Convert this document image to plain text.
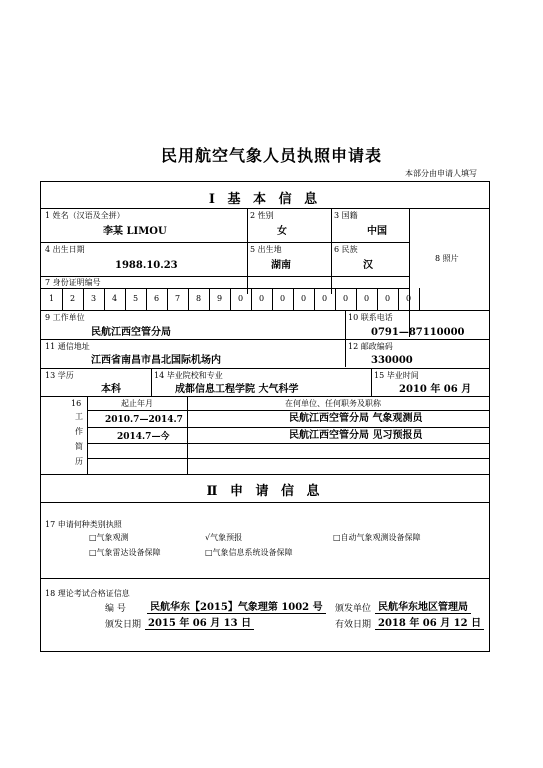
民用航空气象人员执照申请表
本部分由申请人填写
Ⅰ 基 本 信 息
1 姓名（汉语及全拼）
李某 LIMOU
2 性别
女
3 国籍
中国
4 出生日期
1988.10.23
5 出生地
湖南
6 民族
汉
8 照片
7 身份证明编号
1	2	3	4	5	6	7	8	9	0	0	0	0	0	0	0	0	0
9 工作单位
民航江西空管分局
10 联系电话
0791—87110000
11 通信地址
江西省南昌市昌北国际机场内
12 邮政编码
330000
13 学历
本科
14 毕业院校和专业
成都信息工程学院 大气科学
15 毕业时间
2010 年 06 月
16
工
作
简
历
起止年月	在何单位、任何职务及职称
2010.7—2014.7	民航江西空管分局 气象观测员
2014.7—今	民航江西空管分局 见习预报员
Ⅱ 申 请 信 息
17 申请何种类别执照
□气象观测	√气象预报	□自动气象观测设备保障
□气象雷达设备保障	□气象信息系统设备保障
18 理论考试合格证信息
编 号	民航华东【2015】气象理第 1002 号	颁发单位 民航华东地区管理局
颁发日期 2015 年 06 月 13 日	有效日期 2018 年 06 月 12 日
